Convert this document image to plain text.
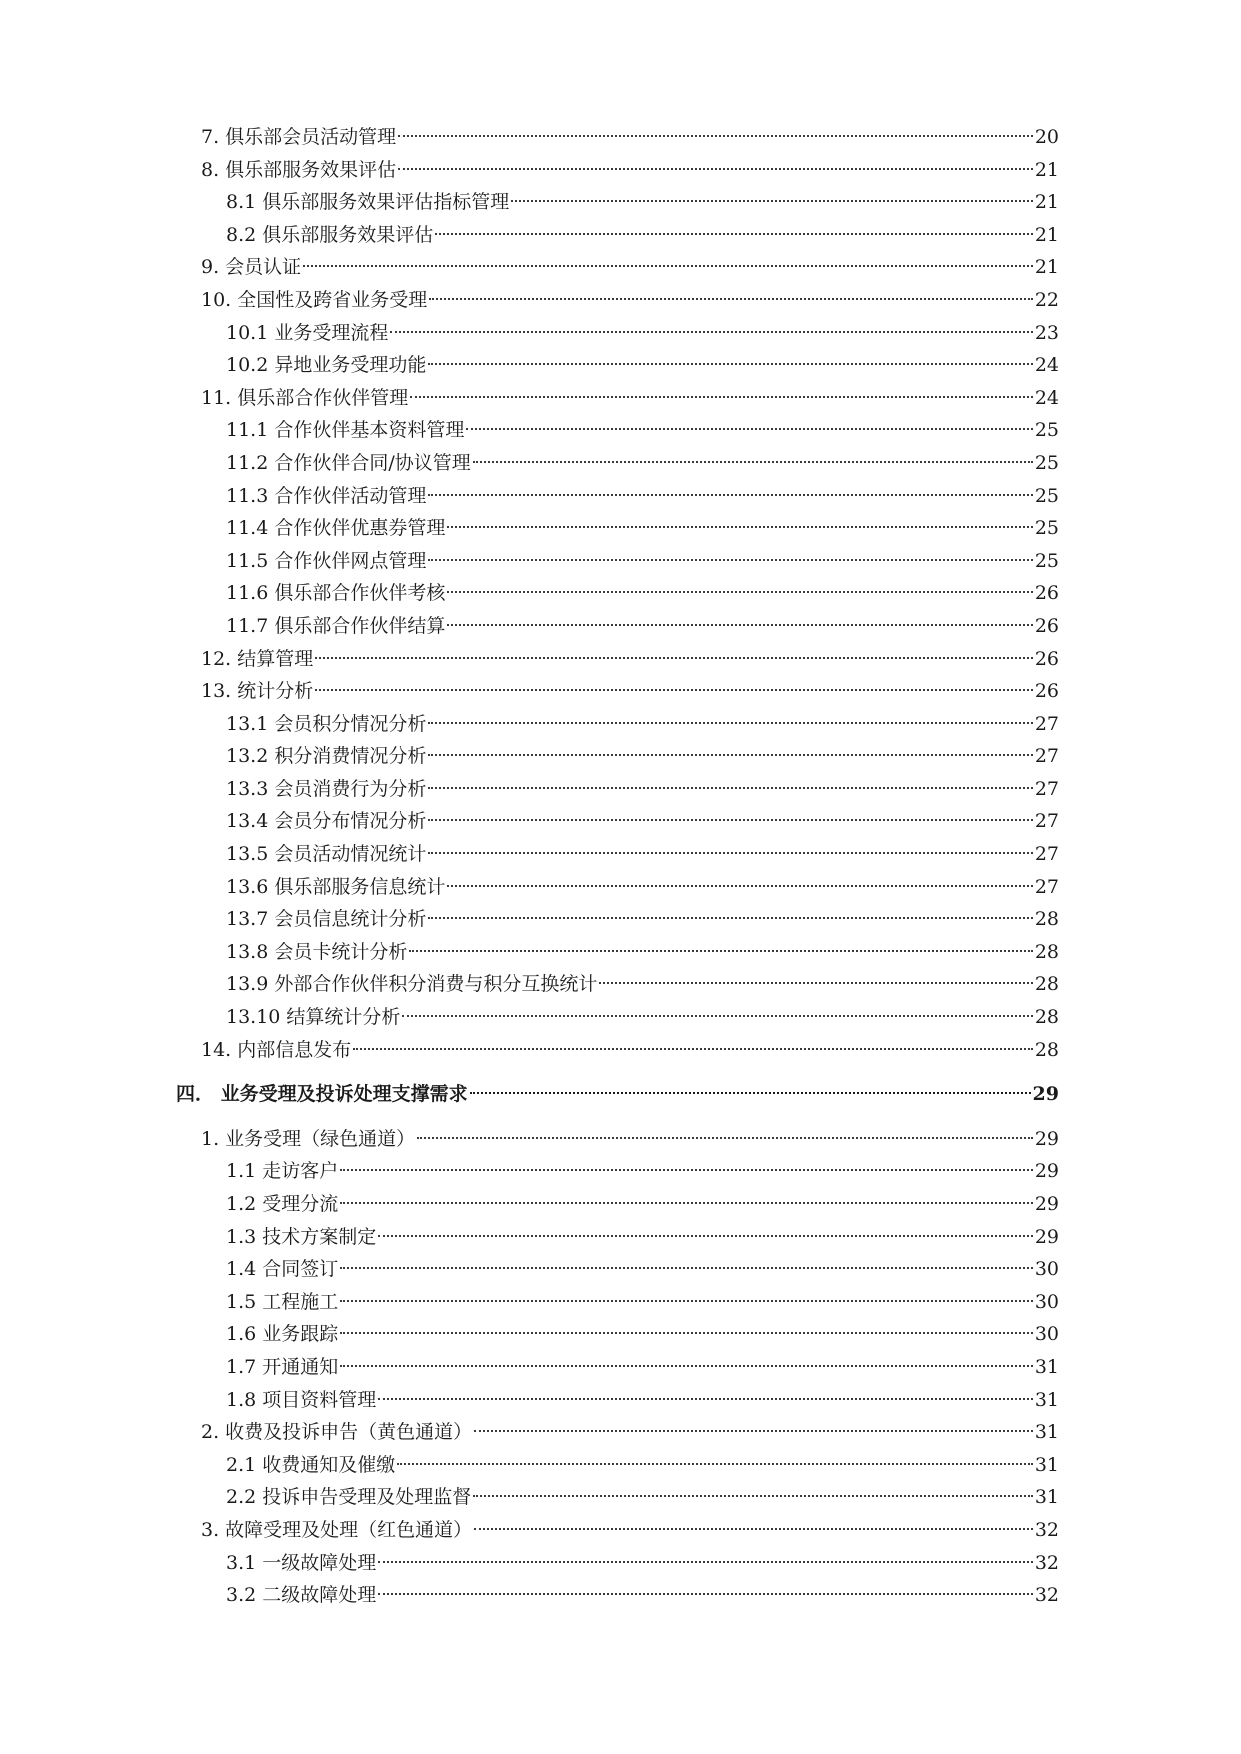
7. 俱乐部会员活动管理	20
8. 俱乐部服务效果评估	21
8.1 俱乐部服务效果评估指标管理	21
8.2 俱乐部服务效果评估	21
9. 会员认证	21
10. 全国性及跨省业务受理	22
10.1 业务受理流程	23
10.2 异地业务受理功能	24
11. 俱乐部合作伙伴管理	24
11.1 合作伙伴基本资料管理	25
11.2 合作伙伴合同/协议管理	25
11.3 合作伙伴活动管理	25
11.4 合作伙伴优惠券管理	25
11.5 合作伙伴网点管理	25
11.6 俱乐部合作伙伴考核	26
11.7 俱乐部合作伙伴结算	26
12. 结算管理	26
13. 统计分析	26
13.1 会员积分情况分析	27
13.2 积分消费情况分析	27
13.3 会员消费行为分析	27
13.4 会员分布情况分析	27
13.5 会员活动情况统计	27
13.6 俱乐部服务信息统计	27
13.7 会员信息统计分析	28
13.8 会员卡统计分析	28
13.9 外部合作伙伴积分消费与积分互换统计	28
13.10 结算统计分析	28
14. 内部信息发布	28
四． 业务受理及投诉处理支撑需求	29
1. 业务受理（绿色通道）	29
1.1 走访客户	29
1.2 受理分流	29
1.3 技术方案制定	29
1.4 合同签订	30
1.5 工程施工	30
1.6 业务跟踪	30
1.7 开通通知	31
1.8 项目资料管理	31
2. 收费及投诉申告（黄色通道）	31
2.1 收费通知及催缴	31
2.2 投诉申告受理及处理监督	31
3. 故障受理及处理（红色通道）	32
3.1 一级故障处理	32
3.2 二级故障处理	32
